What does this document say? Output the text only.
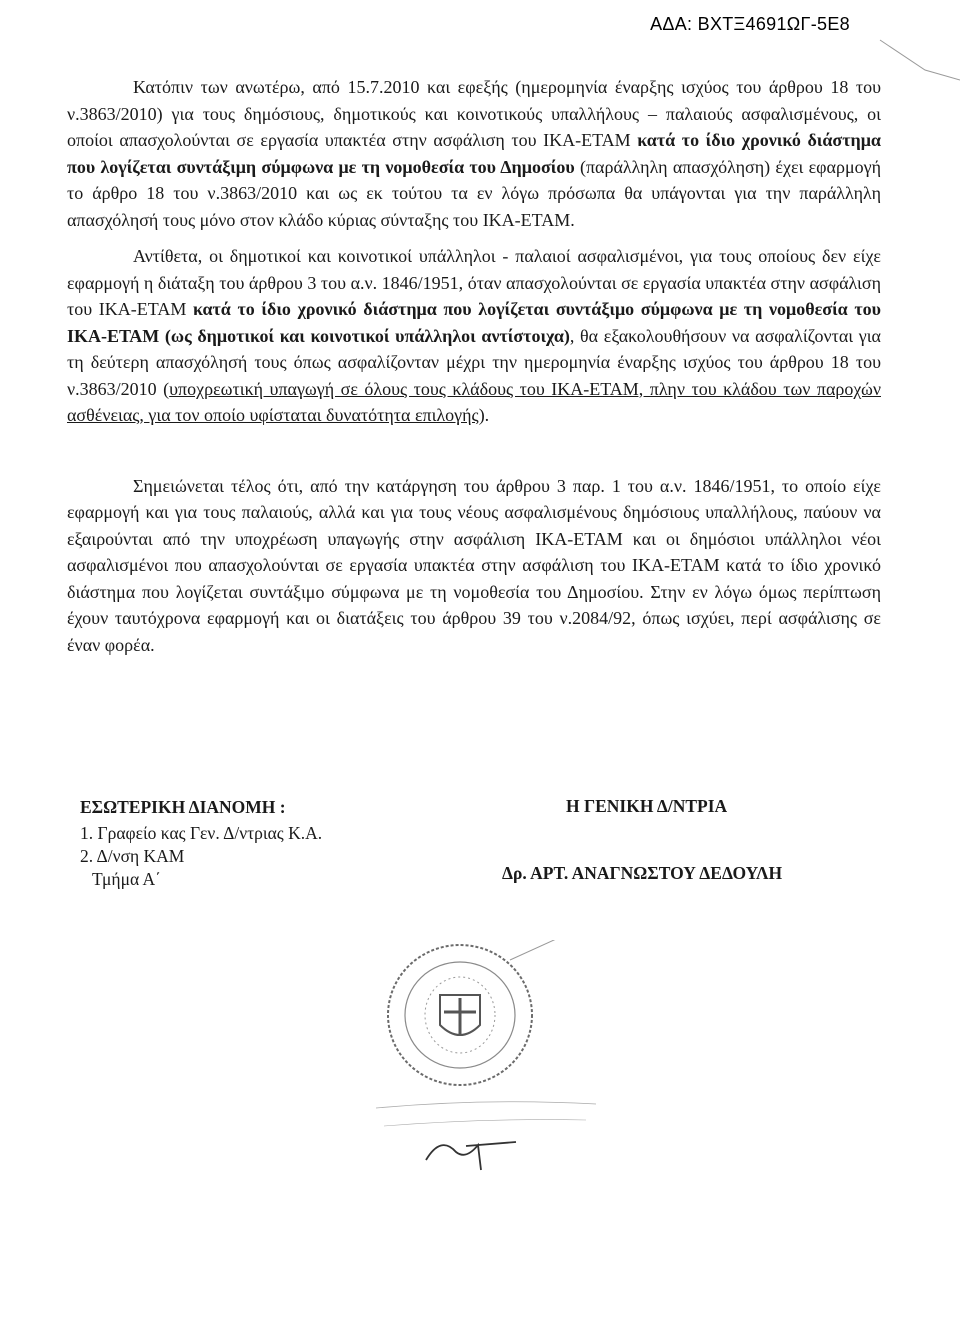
ΑΔΑ: ΒΧΤΞ4691ΩΓ-5Ε8

Κατόπιν των ανωτέρω, από 15.7.2010 και εφεξής (ημερομηνία έναρξης ισχύος του άρθρου 18 του ν.3863/2010) για τους δημόσιους, δημοτικούς και κοινοτικούς υπαλλήλους – παλαιούς ασφαλισμένους, οι οποίοι απασχολούνται σε εργασία υπακτέα στην ασφάλιση του ΙΚΑ-ΕΤΑΜ κατά το ίδιο χρονικό διάστημα που λογίζεται συντάξιμη σύμφωνα με τη νομοθεσία του Δημοσίου (παράλληλη απασχόληση) έχει εφαρμογή το άρθρο 18 του ν.3863/2010 και ως εκ τούτου τα εν λόγω πρόσωπα θα υπάγονται για την παράλληλη απασχόλησή τους μόνο στον κλάδο κύριας σύνταξης του ΙΚΑ-ΕΤΑΜ.

Αντίθετα, οι δημοτικοί και κοινοτικοί υπάλληλοι - παλαιοί ασφαλισμένοι, για τους οποίους δεν είχε εφαρμογή η διάταξη του άρθρου 3 του α.ν. 1846/1951, όταν απασχολούνται σε εργασία υπακτέα στην ασφάλιση του ΙΚΑ-ΕΤΑΜ κατά το ίδιο χρονικό διάστημα που λογίζεται συντάξιμο σύμφωνα με τη νομοθεσία του ΙΚΑ-ΕΤΑΜ (ως δημοτικοί και κοινοτικοί υπάλληλοι αντίστοιχα), θα εξακολουθήσουν να ασφαλίζονται για τη δεύτερη απασχόλησή τους όπως ασφαλίζονταν μέχρι την ημερομηνία έναρξης ισχύος του άρθρου 18 του ν.3863/2010 (υποχρεωτική υπαγωγή σε όλους τους κλάδους του ΙΚΑ-ΕΤΑΜ, πλην του κλάδου των παροχών ασθένειας, για τον οποίο υφίσταται δυνατότητα επιλογής).

Σημειώνεται τέλος ότι, από την κατάργηση του άρθρου 3 παρ. 1 του α.ν. 1846/1951, το οποίο είχε εφαρμογή και για τους παλαιούς, αλλά και για τους νέους ασφαλισμένους δημόσιους υπαλλήλους, παύουν να εξαιρούνται από την υποχρέωση υπαγωγής στην ασφάλιση ΙΚΑ-ΕΤΑΜ και οι δημόσιοι υπάλληλοι νέοι ασφαλισμένοι που απασχολούνται σε εργασία υπακτέα στην ασφάλιση του ΙΚΑ-ΕΤΑΜ κατά το ίδιο χρονικό διάστημα που λογίζεται συντάξιμο σύμφωνα με τη νομοθεσία του Δημοσίου. Στην εν λόγω όμως περίπτωση έχουν ταυτόχρονα εφαρμογή και οι διατάξεις του άρθρου 39 του ν.2084/92, όπως ισχύει, περί ασφάλισης σε έναν φορέα.

ΕΣΩΤΕΡΙΚΗ ΔΙΑΝΟΜΗ :
1. Γραφείο κας Γεν. Δ/ντριας Κ.Α.
2. Δ/νση ΚΑΜ
Τμήμα Α΄
Η ΓΕΝΙΚΗ Δ/ΝΤΡΙΑ
Δρ. ΑΡΤ. ΑΝΑΓΝΩΣΤΟΥ ΔΕΔΟΥΛΗ
